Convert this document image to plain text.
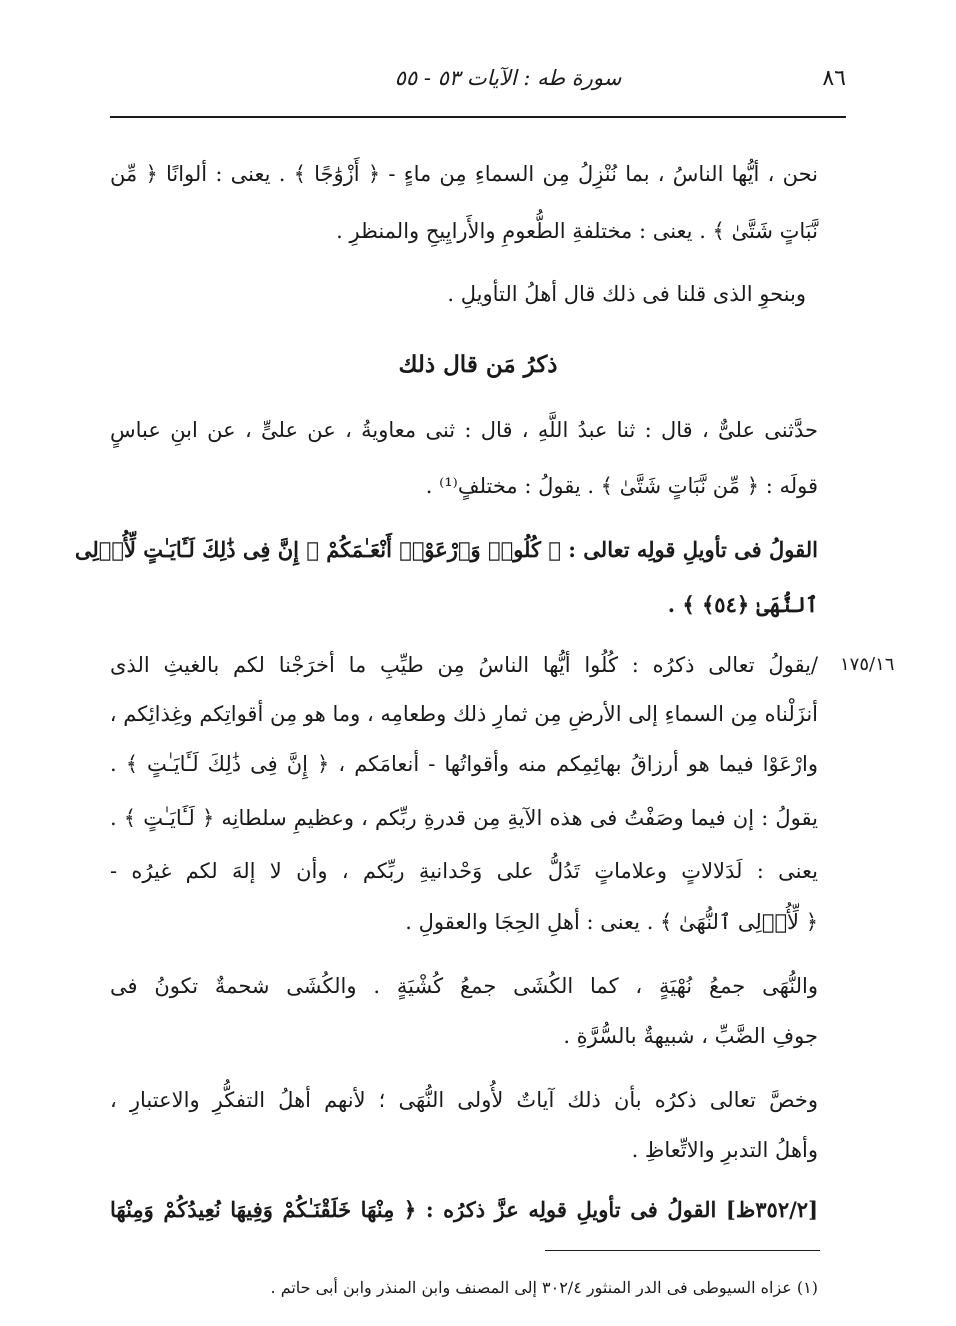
٨٦
سورة طه : الآيات ٥٣ - ٥٥
نحن ، أيُّها الناسُ ، بما نُنْزِلُ مِن السماءِ مِن ماءٍ - ﴿ أَزْوَٰجًا ﴾ . يعنى : ألوانًا ﴿ مِّن
نَّبَاتٍ شَتَّىٰ ﴾ . يعنى : مختلفةِ الطُّعومِ والأَرايِيحِ والمنظرِ .
وبنحوِ الذى قلنا فى ذلك قال أهلُ التأويلِ .
ذكرُ مَن قال ذلك
حدَّثنى علىٌّ ، قال : ثنا عبدُ اللَّهِ ، قال : ثنى معاويةُ ، عن علىٍّ ، عن ابنِ عباسٍ
قولَه : ﴿ مِّن نَّبَاتٍ شَتَّىٰ ﴾ . يقولُ : مختلفٍ⁽¹⁾ .
القولُ فى تأويلِ قولِه تعالى : ﴿ كُلُوا۟ وَٱرْعَوْا۟ أَنْعَـٰمَكُمْ ۗ إِنَّ فِى ذَٰلِكَ لَـَٔايَـٰتٍ لِّأُو۟لِى
ٱلنُّهَىٰ ﴿٥٤﴾ ﴾ .
١٧٥/١٦
/يقولُ تعالى ذكرُه : كُلُوا أيُّها الناسُ مِن طيِّبِ ما أخرَجْنا لكم بالغيثِ الذى
أنزَلْناه مِن السماءِ إلى الأرضِ مِن ثمارِ ذلك وطعامِه ، وما هو مِن أقواتِكم وغِذائِكم ،
وارْعَوْا فيما هو أرزاقُ بهائِمِكم منه وأقواتُها - أنعامَكم ، ﴿ إِنَّ فِى ذَٰلِكَ لَـَٔايَـٰتٍ ﴾ .
يقولُ : إن فيما وصَفْتُ فى هذه الآيةِ مِن قدرةِ ربِّكم ، وعظيمِ سلطانِه ﴿ لَـَٔايَـٰتٍ ﴾ .
يعنى : لَدَلالاتٍ وعلاماتٍ تَدُلُّ على وَحْدانيةِ ربِّكم ، وأن لا إلهَ لكم غيرُه -
﴿ لِّأُو۟لِى ٱلنُّهَىٰ ﴾ . يعنى : أهلِ الحِجَا والعقولِ .
والنُّهَى جمعُ نُهْيَةٍ ، كما الكُشَى جمعُ كُشْيَةٍ . والكُشَى شحمةٌ تكونُ فى
جوفِ الضَّبِّ ، شبيهةٌ بالسُّرَّةِ .
وخصَّ تعالى ذكرُه بأن ذلك آياتٌ لأُولى النُّهَى ؛ لأنهم أهلُ التفكُّرِ والاعتبارِ ،
وأهلُ التدبرِ والاتِّعاظِ .
[٣٥٢/٢ظ] القولُ فى تأويلِ قولِه عزَّ ذكرُه : ﴿ مِنْهَا خَلَقْنَـٰكُمْ وَفِيهَا نُعِيدُكُمْ وَمِنْهَا
(١) عزاه السيوطى فى الدر المنثور ٣٠٢/٤ إلى المصنف وابن المنذر وابن أبى حاتم .
